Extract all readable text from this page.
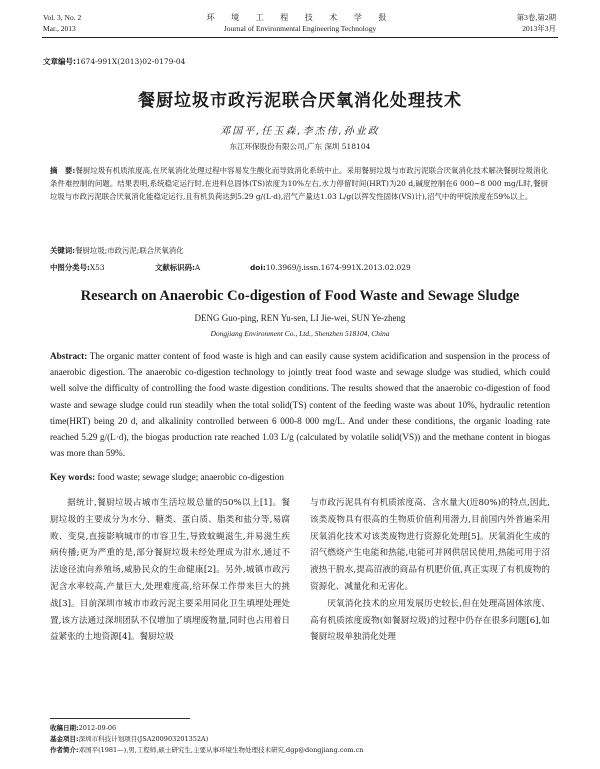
Vol. 3, No. 2
Mar., 2013
环 境 工 程 技 术 学 报
Journal of Environmental Engineering Technology
第3卷,第2期
2013年3月
文章编号:1674-991X(2013)02-0179-04
餐厨垃圾市政污泥联合厌氧消化处理技术
邓国平,任玉森,李杰伟,孙业政
东江环保股份有限公司,广东 深圳 518104
摘　要:餐厨垃圾有机质浓度高,在厌氧消化处理过程中容易发生酸化而导致消化系统中止。采用餐厨垃圾与市政污泥联合厌氧消化技术解决餐厨垃圾消化条件难控制的问题。结果表明,系统稳定运行时,在进料总固体(TS)浓度为10%左右,水力停留时间(HRT)为20 d,碱度控制在6 000~8 000 mg/L时,餐厨垃圾与市政污泥联合厌氧消化能稳定运行,且有机负荷达到5.29 g/(L·d),沼气产量达1.03 L/g(以挥发性固体(VS)计),沼气中的甲烷浓度在59%以上。
关键词:餐厨垃圾;市政污泥;联合厌氧消化
中图分类号:X53	文献标识码:A	doi:10.3969/j.issn.1674-991X.2013.02.029
Research on Anaerobic Co-digestion of Food Waste and Sewage Sludge
DENG Guo-ping, REN Yu-sen, LI Jie-wei, SUN Ye-zheng
Dongjiang Environment Co., Ltd., Shenzhen 518104, China
Abstract: The organic matter content of food waste is high and can easily cause system acidification and suspension in the process of anaerobic digestion. The anaerobic co-digestion technology to jointly treat food waste and sewage sludge was studied, which could well solve the difficulty of controlling the food waste digestion conditions. The results showed that the anaerobic co-digestion of food waste and sewage sludge could run steadily when the total solid(TS) content of the feeding waste was about 10%, hydraulic retention time(HRT) being 20 d, and alkalinity controlled between 6 000-8 000 mg/L. And under these conditions, the organic loading rate reached 5.29 g/(L·d), the biogas production rate reached 1.03 L/g (calculated by volatile solid(VS)) and the methane content in biogas was more than 59%.
Key words: food waste; sewage sludge; anaerobic co-digestion
据统计,餐厨垃圾占城市生活垃圾总量的50%以上[1]。餐厨垃圾的主要成分为水分、糖类、蛋白质、脂类和盐分等,易腐败、变臭,直接影响城市的市容卫生,导致蚊蝇滋生,并易滋生疾病传播;更为严重的是,部分餐厨垃圾未经处理成为泔水,通过不法途径流向养殖场,威胁民众的生命健康[2]。另外,城镇市政污泥含水率较高,产量巨大,处理难度高,给环保工作带来巨大的挑战[3]。目前深圳市城市市政污泥主要采用同化卫生填埋处理处置,该方法通过深圳团队不仅增加了填埋废物量,同时也占用着日益紧张的土地资源[4]。餐厨垃圾
与市政污泥具有有机质浓度高、含水量大(近80%)的特点,因此,该类废物具有很高的生物质价值利用潜力,目前国内外普遍采用厌氧消化技术对该类废物进行资源化处理[5]。厌氧消化生成的沼气燃烧产生电能和热能,电能可并网供居民使用,热能可用于沼液热干脱水,提高沼液的商品有机肥价值,真正实现了有机废物的资源化、减量化和无害化。
厌氧消化技术的应用发展历史较长,但在处理高固体浓度、高有机质浓度废物(如餐厨垃圾)的过程中仍存在很多问题[6],如餐厨垃圾单独消化处理
收稿日期:2012-09-06
基金项目:深圳市科技计划项目(JSA200903201352A)
作者简介:邓国平(1981—),男,工程师,硕士研究生,主要从事环境生物处理技术研究,dgp@dongjiang.com.cn
